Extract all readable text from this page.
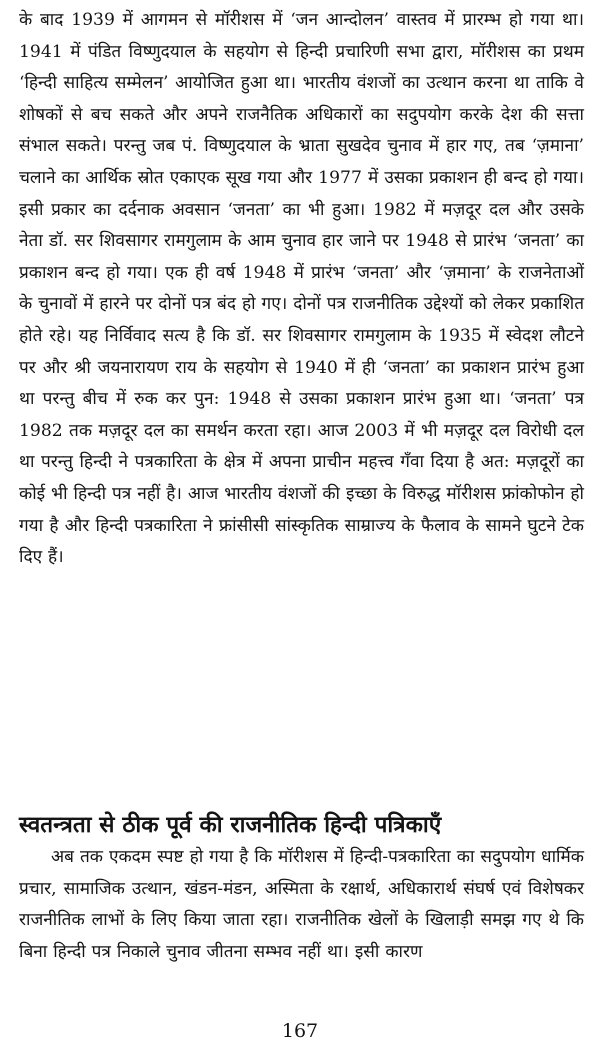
के बाद 1939 में आगमन से मॉरीशस में ‘जन आन्दोलन’ वास्तव में प्रारम्भ हो गया था। 1941 में पंडित विष्णुदयाल के सहयोग से हिन्दी प्रचारिणी सभा द्वारा, मॉरीशस का प्रथम ‘हिन्दी साहित्य सम्मेलन’ आयोजित हुआ था। भारतीय वंशजों का उत्थान करना था ताकि वे शोषकों से बच सकते और अपने राजनैतिक अधिकारों का सदुपयोग करके देश की सत्ता संभाल सकते। परन्तु जब पं. विष्णुदयाल के भ्राता सुखदेव चुनाव में हार गए, तब ‘ज़माना’ चलाने का आर्थिक स्रोत एकाएक सूख गया और 1977 में उसका प्रकाशन ही बन्द हो गया। इसी प्रकार का दर्दनाक अवसान ‘जनता’ का भी हुआ। 1982 में मज़दूर दल और उसके नेता डॉ. सर शिवसागर रामगुलाम के आम चुनाव हार जाने पर 1948 से प्रारंभ ‘जनता’ का प्रकाशन बन्द हो गया। एक ही वर्ष 1948 में प्रारंभ ‘जनता’ और ‘ज़माना’ के राजनेताओं के चुनावों में हारने पर दोनों पत्र बंद हो गए। दोनों पत्र राजनीतिक उद्देश्यों को लेकर प्रकाशित होते रहे। यह निर्विवाद सत्य है कि डॉ. सर शिवसागर रामगुलाम के 1935 में स्वेदश लौटने पर और श्री जयनारायण राय के सहयोग से 1940 में ही ‘जनता’ का प्रकाशन प्रारंभ हुआ था परन्तु बीच में रुक कर पुन: 1948 से उसका प्रकाशन प्रारंभ हुआ था। ‘जनता’ पत्र 1982 तक मज़दूर दल का समर्थन करता रहा। आज 2003 में भी मज़दूर दल विरोधी दल था परन्तु हिन्दी ने पत्रकारिता के क्षेत्र में अपना प्राचीन महत्त्व गँवा दिया है अत: मज़दूरों का कोई भी हिन्दी पत्र नहीं है। आज भारतीय वंशजों की इच्छा के विरुद्ध मॉरीशस फ्रांकोफोन हो गया है और हिन्दी पत्रकारिता ने फ्रांसीसी सांस्कृतिक साम्राज्य के फैलाव के सामने घुटने टेक दिए हैं।

स्वतन्त्रता से ठीक पूर्व की राजनीतिक हिन्दी पत्रिकाएँ

अब तक एकदम स्पष्ट हो गया है कि मॉरीशस में हिन्दी-पत्रकारिता का सदुपयोग धार्मिक प्रचार, सामाजिक उत्थान, खंडन-मंडन, अस्मिता के रक्षार्थ, अधिकारार्थ संघर्ष एवं विशेषकर राजनीतिक लाभों के लिए किया जाता रहा। राजनीतिक खेलों के खिलाड़ी समझ गए थे कि बिना हिन्दी पत्र निकाले चुनाव जीतना सम्भव नहीं था। इसी कारण

167
